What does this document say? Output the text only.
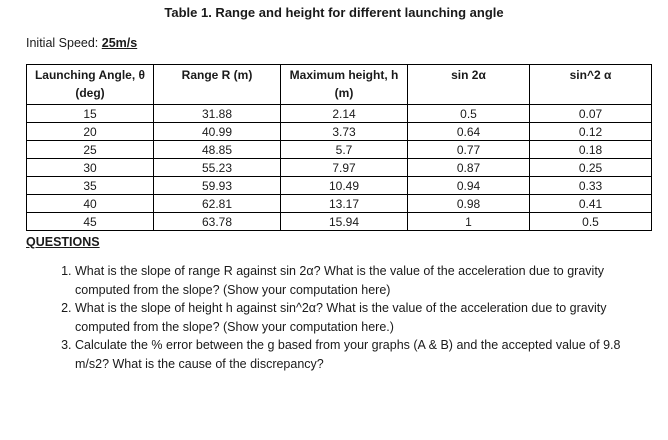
Table 1. Range and height for different launching angle
Initial Speed: 25m/s
Launching Angle, θ (deg)	Range R (m)	Maximum height, h (m)	sin 2α	sin^2 α
15	31.88	2.14	0.5	0.07
20	40.99	3.73	0.64	0.12
25	48.85	5.7	0.77	0.18
30	55.23	7.97	0.87	0.25
35	59.93	10.49	0.94	0.33
40	62.81	13.17	0.98	0.41
45	63.78	15.94	1	0.5
QUESTIONS
1. What is the slope of range R against sin 2α? What is the value of the acceleration due to gravity computed from the slope? (Show your computation here)
2. What is the slope of height h against sin^2α? What is the value of the acceleration due to gravity computed from the slope? (Show your computation here.)
3. Calculate the % error between the g based from your graphs (A & B) and the accepted value of 9.8 m/s2? What is the cause of the discrepancy?
